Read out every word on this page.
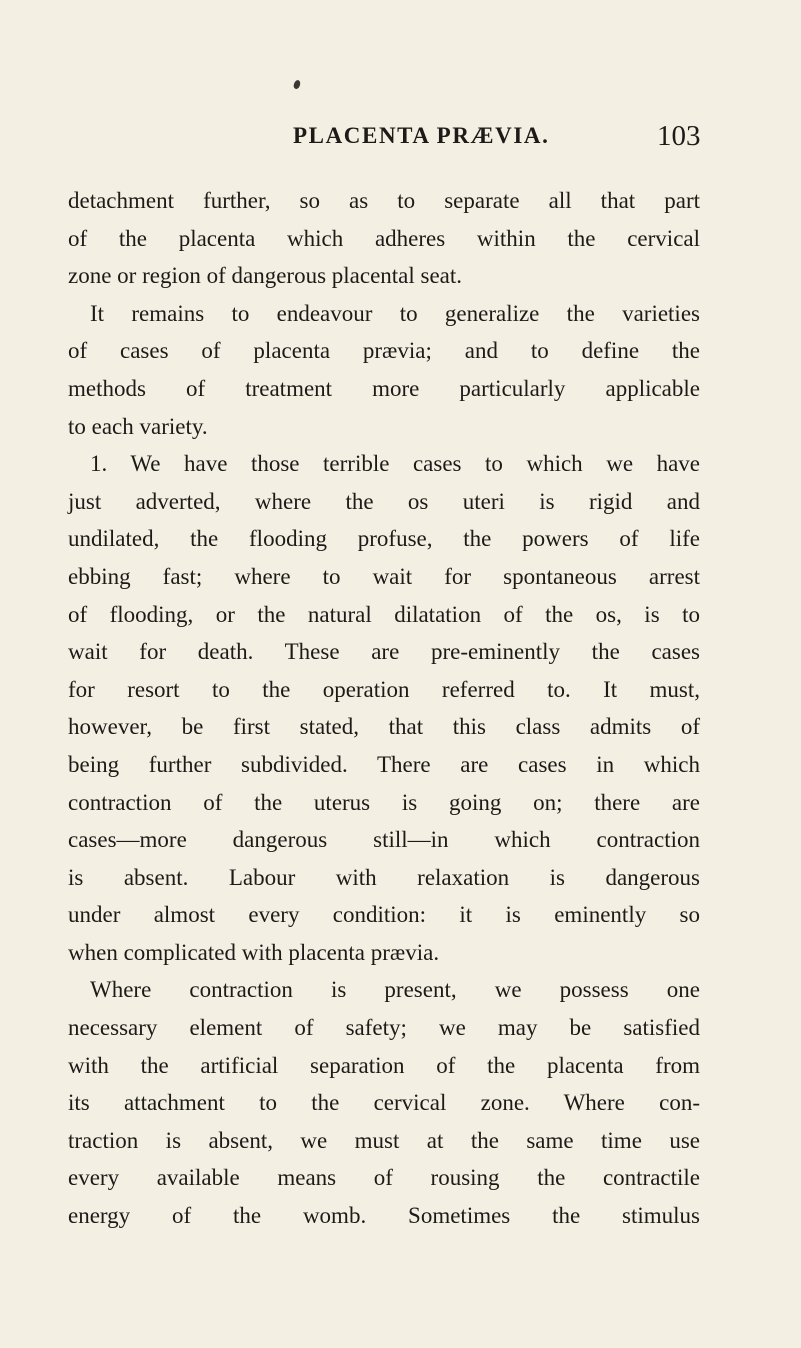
PLACENTA PRÆVIA.	103
detachment further, so as to separate all that part
of the placenta which adheres within the cervical
zone or region of dangerous placental seat.
It remains to endeavour to generalize the varieties
of cases of placenta prævia; and to define the
methods of treatment more particularly applicable
to each variety.
1. We have those terrible cases to which we have
just adverted, where the os uteri is rigid and
undilated, the flooding profuse, the powers of life
ebbing fast; where to wait for spontaneous arrest
of flooding, or the natural dilatation of the os, is to
wait for death. These are pre-eminently the cases
for resort to the operation referred to. It must,
however, be first stated, that this class admits of
being further subdivided. There are cases in which
contraction of the uterus is going on; there are
cases—more dangerous still—in which contraction
is absent. Labour with relaxation is dangerous
under almost every condition: it is eminently so
when complicated with placenta prævia.
Where contraction is present, we possess one
necessary element of safety; we may be satisfied
with the artificial separation of the placenta from
its attachment to the cervical zone. Where con-
traction is absent, we must at the same time use
every available means of rousing the contractile
energy of the womb. Sometimes the stimulus
